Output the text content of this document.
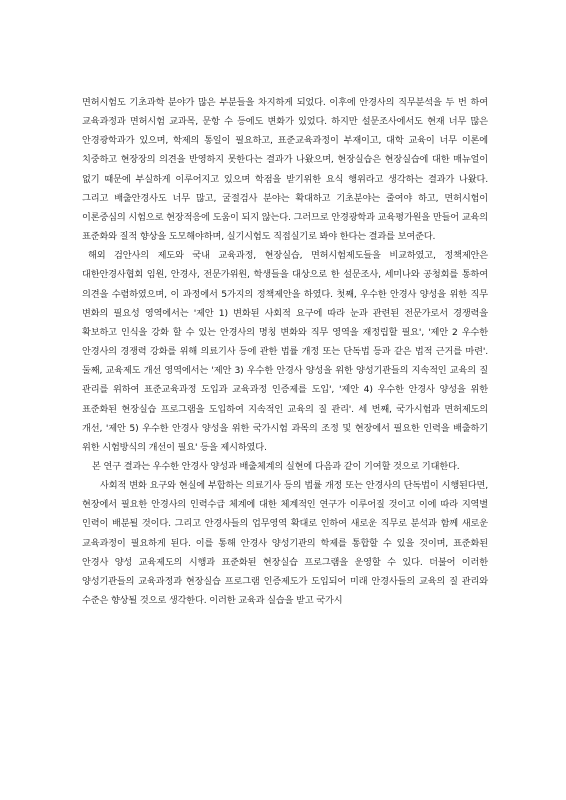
면허시험도 기초과학 분야가 많은 부분들을 차지하게 되었다. 이후에 안경사의 직무분석을 두 번 하여 교육과정과 면허시험 교과목, 문항 수 등에도 변화가 있었다. 하지만 설문조사에서도 현재 너무 많은 안경광학과가 있으며, 학제의 통일이 필요하고, 표준교육과정이 부재이고, 대학 교육이 너무 이론에 치중하고 현장장의 의견을 반영하지 못한다는 결과가 나왔으며, 현장실습은 현장실습에 대한 매뉴얼이 없기 때문에 부실하게 이루어지고 있으며 학점을 받기위한 요식 행위라고 생각하는 결과가 나왔다. 그리고 배출안경사도 너무 많고, 굴절검사 분야는 확대하고 기초분야는 줄여야 하고, 면허시험이 이론중심의 시험으로 현장적응에 도움이 되지 않는다. 그러므로 안경광학과 교육평가원을 만들어 교육의 표준화와 질적 향상을 도모해야하며, 실기시험도 직접실기로 봐야 한다는 결과를 보여준다.

해외 검안사의 제도와 국내 교육과정, 현장실습, 면허시험제도들을 비교하였고, 정책제안은 대한안경사협회 임원, 안경사, 전문가위원, 학생들을 대상으로 한 설문조사, 세미나와 공청회를 통하여 의견을 수렴하였으며, 이 과정에서 5가지의 정책제안을 하였다. 첫째, 우수한 안경사 양성을 위한 직무 변화의 필요성 영역에서는 '제안 1) 변화된 사회적 요구에 따라 눈과 관련된 전문가로서 경쟁력을 확보하고 인식을 강화 할 수 있는 안경사의 명칭 변화와 직무 영역을 재정립할 필요', '제안 2 우수한 안경사의 경쟁력 강화를 위해 의료기사 등에 관한 법률 개정 또는 단독법 등과 같은 법적 근거를 마련'. 둘째, 교육제도 개선 영역에서는 '제안 3) 우수한 안경사 양성을 위한 양성기관들의 지속적인 교육의 질 관리를 위하여 표준교육과정 도입과 교육과정 인증제를 도입', '제안 4) 우수한 안경사 양성을 위한 표준화된 현장실습 프로그램을 도입하여 지속적인 교육의 질 관리'. 세 번째, 국가시험과 면허제도의 개선, '제안 5) 우수한 안경사 양성을 위한 국가시험 과목의 조정 및 현장에서 필요한 인력을 배출하기 위한 시험방식의 개선이 필요' 등을 제시하였다.

본 연구 결과는 우수한 안경사 양성과 배출체계의 실현에 다음과 같이 기여할 것으로 기대한다.

사회적 변화 요구와 현실에 부합하는 의료기사 등의 법률 개정 또는 안경사의 단독법이 시행된다면, 현장에서 필요한 안경사의 인력수급 체계에 대한 체계적인 연구가 이루어질 것이고 이에 따라 지역별 인력이 배분될 것이다. 그리고 안경사들의 업무영역 확대로 인하여 새로운 직무로 분석과 함께 새로운 교육과정이 필요하게 된다. 이를 통해 안경사 양성기관의 학제를 통합할 수 있을 것이며, 표준화된 안경사 양성 교육제도의 시행과 표준화된 현장실습 프로그램을 운영할 수 있다. 더불어 이러한 양성기관들의 교육과정과 현장실습 프로그램 인증제도가 도입되어 미래 안경사들의 교육의 질 관리와 수준은 향상될 것으로 생각한다. 이러한 교육과 실습을 받고 국가시
